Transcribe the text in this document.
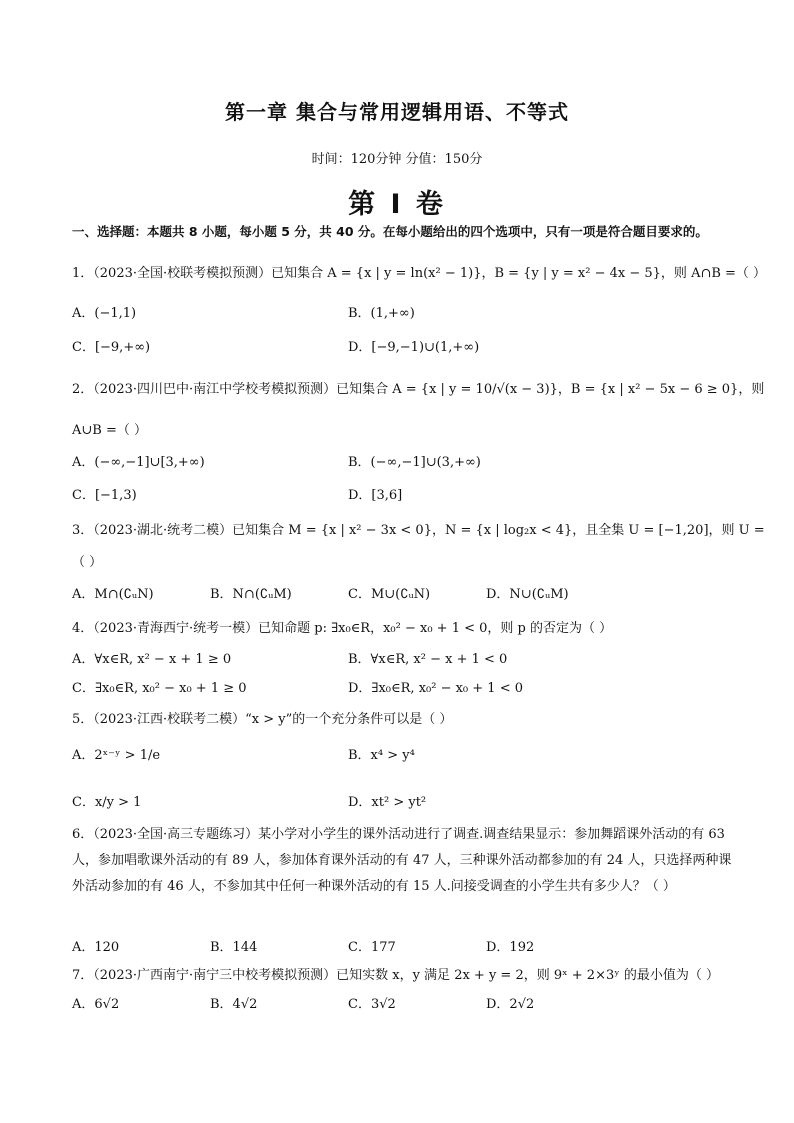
第一章 集合与常用逻辑用语、不等式
时间：120分钟 分值：150分
第 I 卷
一、选择题：本题共 8 小题，每小题 5 分，共 40 分。在每小题给出的四个选项中，只有一项是符合题目要求的。
1．（2023·全国·校联考模拟预测）已知集合 A = {x | y = ln(x² − 1)}，B = {y | y = x² − 4x − 5}，则 A∩B =（ ）
A．(−1,1)	B．(1,+∞)
C．[−9,+∞)	D．[−9,−1)∪(1,+∞)
2．（2023·四川巴中·南江中学校考模拟预测）已知集合 A = {x | y = 10/√(x − 3)}，B = {x | x² − 5x − 6 ≥ 0}，则
A∪B =（ ）
A．(−∞,−1]∪[3,+∞)	B．(−∞,−1]∪(3,+∞)
C．[−1,3)	D．[3,6]
3．（2023·湖北·统考二模）已知集合 M = {x | x² − 3x < 0}，N = {x | log₂x < 4}，且全集 U = [−1,20]，则 U =
（ ）
A．M∩(∁ᵤN)	B．N∩(∁ᵤM)	C．M∪(∁ᵤN)	D．N∪(∁ᵤM)
4．（2023·青海西宁·统考一模）已知命题 p: ∃x₀∈R，x₀² − x₀ + 1 < 0，则 p 的否定为（ ）
A．∀x∈R, x² − x + 1 ≥ 0	B．∀x∈R, x² − x + 1 < 0
C．∃x₀∈R, x₀² − x₀ + 1 ≥ 0	D．∃x₀∈R, x₀² − x₀ + 1 < 0
5．（2023·江西·校联考二模）“x > y”的一个充分条件可以是（ ）
A．2ˣ⁻ʸ > 1/e	B．x⁴ > y⁴
C．x/y > 1	D．xt² > yt²
6．（2023·全国·高三专题练习）某小学对小学生的课外活动进行了调查.调查结果显示：参加舞蹈课外活动的有 63 人，参加唱歌课外活动的有 89 人，参加体育课外活动的有 47 人，三种课外活动都参加的有 24 人，只选择两种课外活动参加的有 46 人，不参加其中任何一种课外活动的有 15 人.问接受调查的小学生共有多少人？（ ）
A．120	B．144	C．177	D．192
7．（2023·广西南宁·南宁三中校考模拟预测）已知实数 x，y 满足 2x + y = 2，则 9ˣ + 2×3ʸ 的最小值为（ ）
A．6√2	B．4√2	C．3√2	D．2√2
